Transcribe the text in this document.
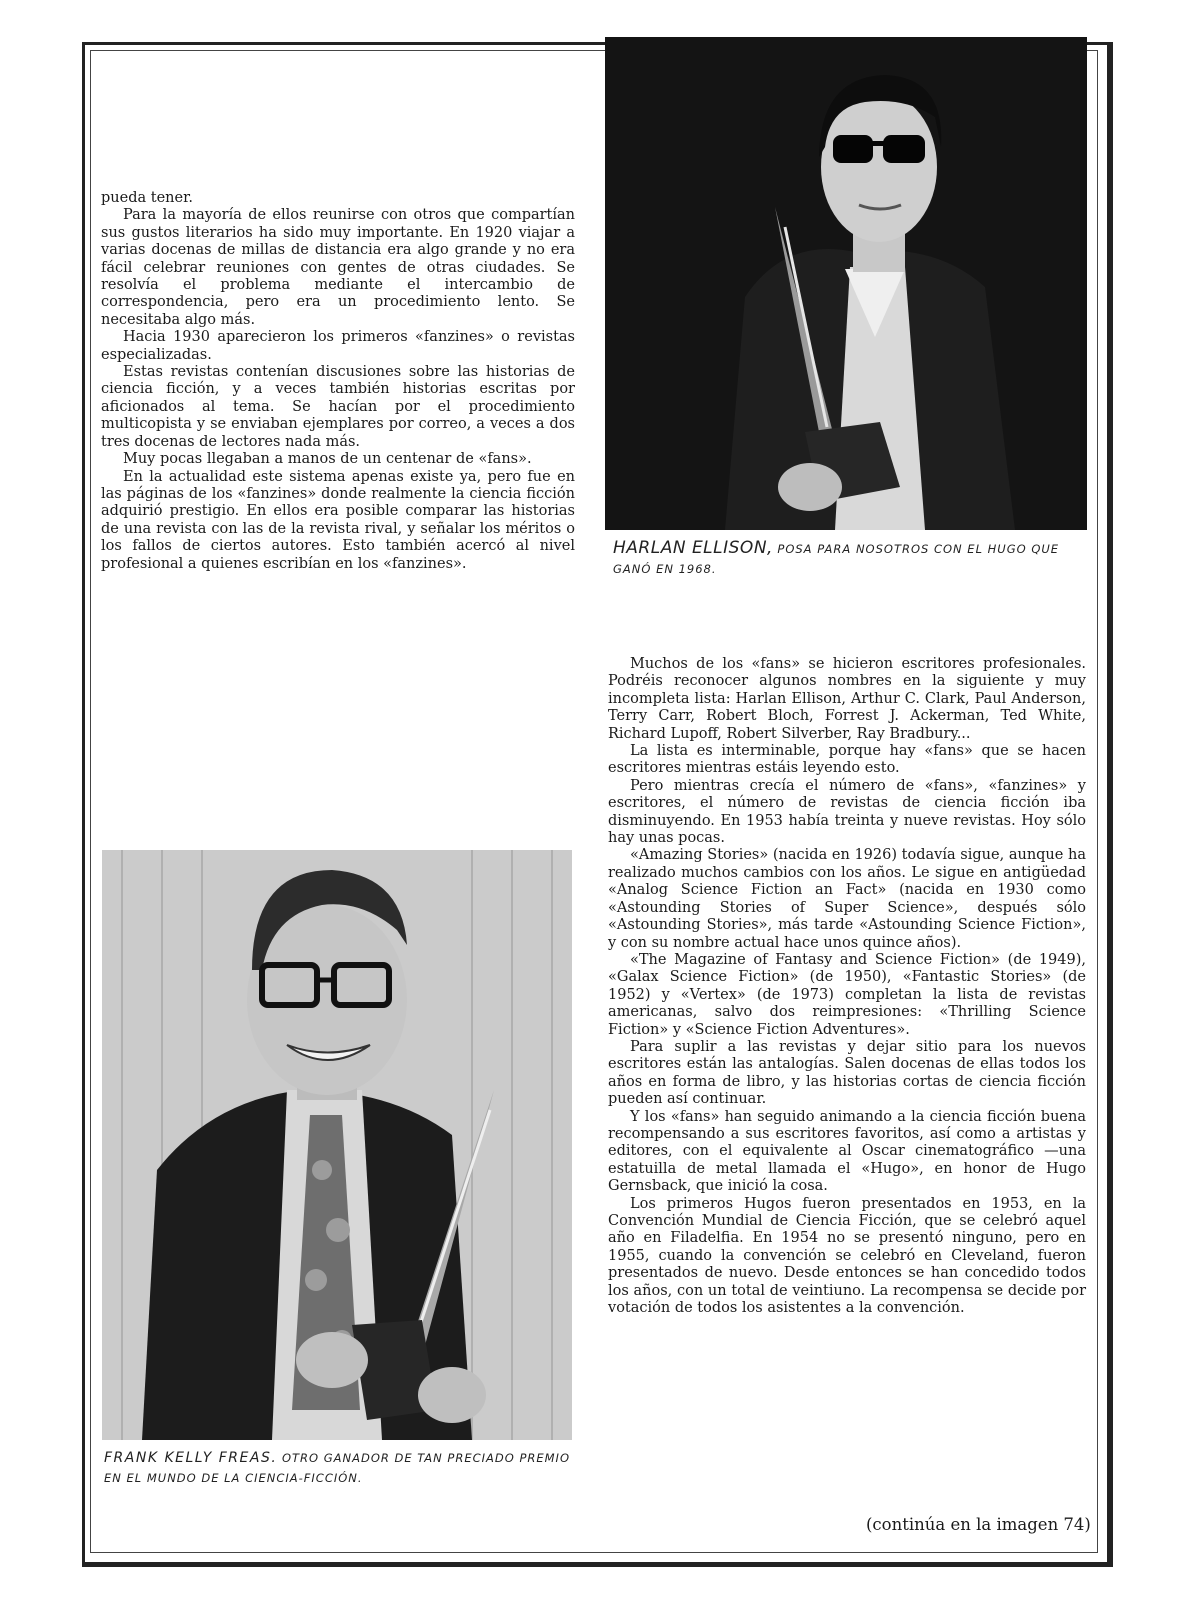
HARLAN ELLISON, POSA PARA NOSOTROS CON EL HUGO QUE GANÓ EN 1968.
FRANK KELLY FREAS. OTRO GANADOR DE TAN PRECIADO PREMIO EN EL MUNDO DE LA CIENCIA-FICCIÓN.

pueda tener.

Para la mayoría de ellos reunirse con otros que compartían sus gustos literarios ha sido muy importante. En 1920 viajar a varias docenas de millas de distancia era algo grande y no era fácil celebrar reuniones con gentes de otras ciudades. Se resolvía el problema mediante el intercambio de correspondencia, pero era un procedimiento lento. Se necesitaba algo más.

Hacia 1930 aparecieron los primeros «fanzines» o revistas especializadas.

Estas revistas contenían discusiones sobre las historias de ciencia ficción, y a veces también historias escritas por aficionados al tema. Se hacían por el procedimiento multicopista y se enviaban ejemplares por correo, a veces a dos tres docenas de lectores nada más.

Muy pocas llegaban a manos de un centenar de «fans».

En la actualidad este sistema apenas existe ya, pero fue en las páginas de los «fanzines» donde realmente la ciencia ficción adquirió prestigio. En ellos era posible comparar las historias de una revista con las de la revista rival, y señalar los méritos o los fallos de ciertos autores. Esto también acercó al nivel profesional a quienes escribían en los «fanzines».

Muchos de los «fans» se hicieron escritores profesionales. Podréis reconocer algunos nombres en la siguiente y muy incompleta lista: Harlan Ellison, Arthur C. Clark, Paul Anderson, Terry Carr, Robert Bloch, Forrest J. Ackerman, Ted White, Richard Lupoff, Robert Silverber, Ray Bradbury...

La lista es interminable, porque hay «fans» que se hacen escritores mientras estáis leyendo esto.

Pero mientras crecía el número de «fans», «fanzines» y escritores, el número de revistas de ciencia ficción iba disminuyendo. En 1953 había treinta y nueve revistas. Hoy sólo hay unas pocas.

«Amazing Stories» (nacida en 1926) todavía sigue, aunque ha realizado muchos cambios con los años. Le sigue en antigüedad «Analog Science Fiction an Fact» (nacida en 1930 como «Astounding Stories of Super Science», después sólo «Astounding Stories», más tarde «Astounding Science Fiction», y con su nombre actual hace unos quince años).

«The Magazine of Fantasy and Science Fiction» (de 1949), «Galax Science Fiction» (de 1950), «Fantastic Stories» (de 1952) y «Vertex» (de 1973) completan la lista de revistas americanas, salvo dos reimpresiones: «Thrilling Science Fiction» y «Science Fiction Adventures».

Para suplir a las revistas y dejar sitio para los nuevos escritores están las antalogías. Salen docenas de ellas todos los años en forma de libro, y las historias cortas de ciencia ficción pueden así continuar.

Y los «fans» han seguido animando a la ciencia ficción buena recompensando a sus escritores favoritos, así como a artistas y editores, con el equivalente al Oscar cinematográfico —una estatuilla de metal llamada el «Hugo», en honor de Hugo Gernsback, que inició la cosa.

Los primeros Hugos fueron presentados en 1953, en la Convención Mundial de Ciencia Ficción, que se celebró aquel año en Filadelfia. En 1954 no se presentó ninguno, pero en 1955, cuando la convención se celebró en Cleveland, fueron presentados de nuevo. Desde entonces se han concedido todos los años, con un total de veintiuno. La recompensa se decide por votación de todos los asistentes a la convención.

(continúa en la imagen 74)
